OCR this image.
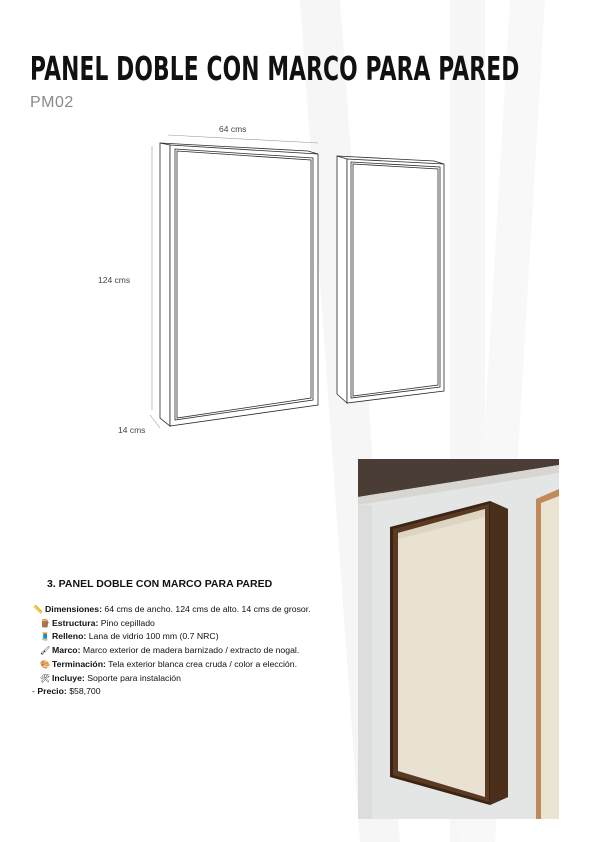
PANEL DOBLE CON MARCO PARA PARED
PM02
64 cms
124 cms
14 cms
3. PANEL DOBLE CON MARCO PARA PARED
📏 Dimensiones: 64 cms de ancho. 124 cms de alto. 14 cms de grosor.
🪵 Estructura: Pino cepillado
🧵 Relleno: Lana de vidrio 100 mm (0.7 NRC)
🖌 Marco: Marco exterior de madera barnizado / extracto de nogal.
🎨 Terminación: Tela exterior blanca crea cruda / color a elección.
🛠 Incluye: Soporte para instalación
- Precio: $58,700
